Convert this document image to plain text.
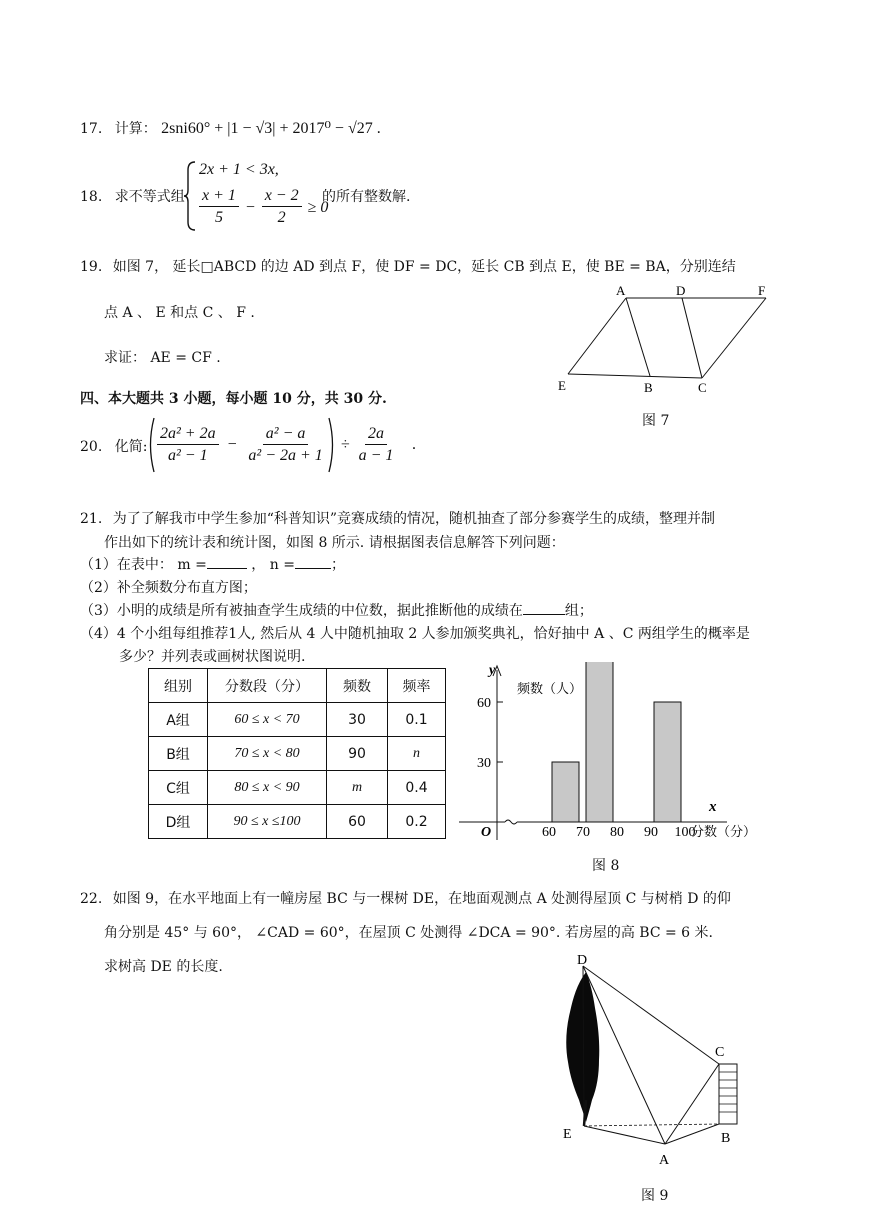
17. 计算： 2sni60° + |1 − √3| + 2017⁰ − √27 .
18. 求不等式组
2x + 1 < 3x,
$\frac{x + 1}{5} - \frac{x - 2}{2} \ge 0$
的所有整数解.
19. 如图 7， 延长□ABCD 的边 AD 到点 F，使 DF = DC，延长 CB 到点 E，使 BE = BA，分别连结
点 A 、 E 和点 C 、 F .
求证： AE = CF .
A	D	F
E	B	C
图 7
四、本大题共 3 小题，每小题 10 分，共 30 分.
20. 化简: $\frac{\text{2a² + 2a}}{\text{a² − 1}} - \frac{\text{a² − a}}{\text{a² − 2a + 1}} \div \frac{2a}{a - 1}$ .
21. 为了了解我市中学生参加“科普知识”竞赛成绩的情况，随机抽查了部分参赛学生的成绩，整理并制
作出如下的统计表和统计图，如图 8 所示. 请根据图表信息解答下列问题：
（1）在表中： m =	， n =	；
（2）补全频数分布直方图；
（3）小明的成绩是所有被抽查学生成绩的中位数，据此推断他的成绩在	组；
（4）4 个小组每组推荐1人, 然后从 4 人中随机抽取 2 人参加颁奖典礼，恰好抽中 A 、C 两组学生的概率是
多少？并列表或画树状图说明.
组别	分数段（分）	频数	频率
A组	60 ≤ x < 70	30	0.1
B组	70 ≤ x < 80	90	n
C组	80 ≤ x < 90	m	0.4
D组	90 ≤ x ≤100	60	0.2
y
频数（人）
x
O	分数（分）
60 70 80 90 100
30
60
图 8
22. 如图 9，在水平地面上有一幢房屋 BC 与一棵树 DE，在地面观测点 A 处测得屋顶 C 与树梢 D 的仰
角分别是 45° 与 60°， ∠CAD = 60°，在屋顶 C 处测得 ∠DCA = 90°. 若房屋的高 BC = 6 米.
求树高 DE 的长度.	D
C
E	B
A
图 9
